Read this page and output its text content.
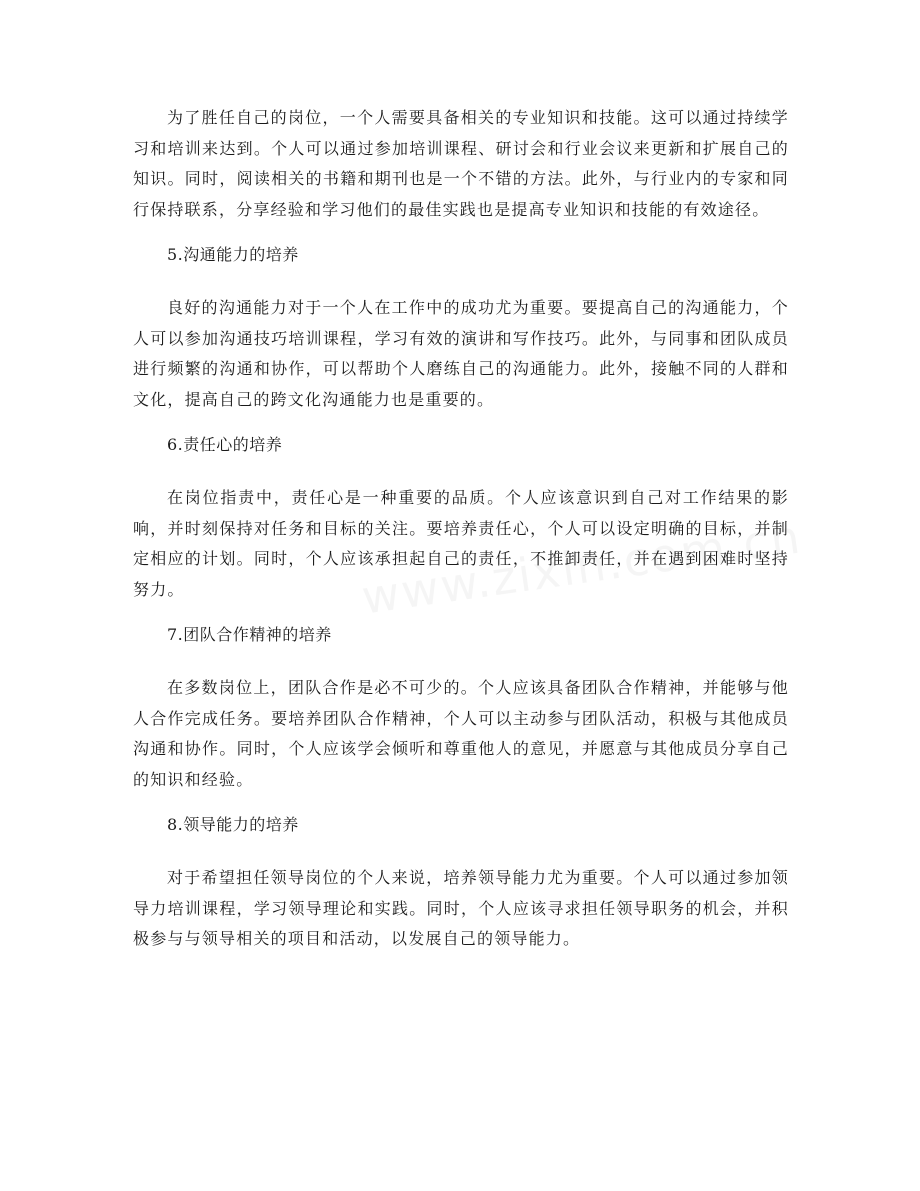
为了胜任自己的岗位，一个人需要具备相关的专业知识和技能。这可以通过持续学习和培训来达到。个人可以通过参加培训课程、研讨会和行业会议来更新和扩展自己的知识。同时，阅读相关的书籍和期刊也是一个不错的方法。此外，与行业内的专家和同行保持联系，分享经验和学习他们的最佳实践也是提高专业知识和技能的有效途径。

5.沟通能力的培养

良好的沟通能力对于一个人在工作中的成功尤为重要。要提高自己的沟通能力，个人可以参加沟通技巧培训课程，学习有效的演讲和写作技巧。此外，与同事和团队成员进行频繁的沟通和协作，可以帮助个人磨练自己的沟通能力。此外，接触不同的人群和文化，提高自己的跨文化沟通能力也是重要的。

6.责任心的培养

在岗位指责中，责任心是一种重要的品质。个人应该意识到自己对工作结果的影响，并时刻保持对任务和目标的关注。要培养责任心，个人可以设定明确的目标，并制定相应的计划。同时，个人应该承担起自己的责任，不推卸责任，并在遇到困难时坚持努力。

7.团队合作精神的培养

在多数岗位上，团队合作是必不可少的。个人应该具备团队合作精神，并能够与他人合作完成任务。要培养团队合作精神，个人可以主动参与团队活动，积极与其他成员沟通和协作。同时，个人应该学会倾听和尊重他人的意见，并愿意与其他成员分享自己的知识和经验。

8.领导能力的培养

对于希望担任领导岗位的个人来说，培养领导能力尤为重要。个人可以通过参加领导力培训课程，学习领导理论和实践。同时，个人应该寻求担任领导职务的机会，并积极参与与领导相关的项目和活动，以发展自己的领导能力。
